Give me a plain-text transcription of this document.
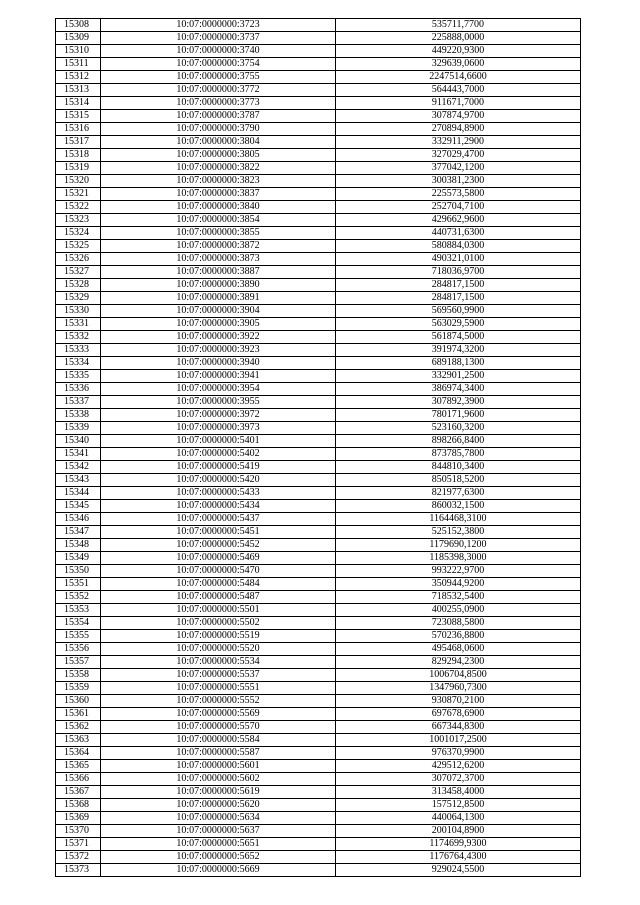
15308	10:07:0000000:3723	535711,7700
15309	10:07:0000000:3737	225888,0000
15310	10:07:0000000:3740	449220,9300
15311	10:07:0000000:3754	329639,0600
15312	10:07:0000000:3755	2247514,6600
15313	10:07:0000000:3772	564443,7000
15314	10:07:0000000:3773	911671,7000
15315	10:07:0000000:3787	307874,9700
15316	10:07:0000000:3790	270894,8900
15317	10:07:0000000:3804	332911,2900
15318	10:07:0000000:3805	327029,4700
15319	10:07:0000000:3822	377042,1200
15320	10:07:0000000:3823	300381,2300
15321	10:07:0000000:3837	225573,5800
15322	10:07:0000000:3840	252704,7100
15323	10:07:0000000:3854	429662,9600
15324	10:07:0000000:3855	440731,6300
15325	10:07:0000000:3872	580884,0300
15326	10:07:0000000:3873	490321,0100
15327	10:07:0000000:3887	718036,9700
15328	10:07:0000000:3890	284817,1500
15329	10:07:0000000:3891	284817,1500
15330	10:07:0000000:3904	569560,9900
15331	10:07:0000000:3905	563029,5900
15332	10:07:0000000:3922	561874,5000
15333	10:07:0000000:3923	391974,3200
15334	10:07:0000000:3940	689188,1300
15335	10:07:0000000:3941	332901,2500
15336	10:07:0000000:3954	386974,3400
15337	10:07:0000000:3955	307892,3900
15338	10:07:0000000:3972	780171,9600
15339	10:07:0000000:3973	523160,3200
15340	10:07:0000000:5401	898266,8400
15341	10:07:0000000:5402	873785,7800
15342	10:07:0000000:5419	844810,3400
15343	10:07:0000000:5420	850518,5200
15344	10:07:0000000:5433	821977,6300
15345	10:07:0000000:5434	860032,1500
15346	10:07:0000000:5437	1164468,3100
15347	10:07:0000000:5451	525152,3800
15348	10:07:0000000:5452	1179690,1200
15349	10:07:0000000:5469	1185398,3000
15350	10:07:0000000:5470	993222,9700
15351	10:07:0000000:5484	350944,9200
15352	10:07:0000000:5487	718532,5400
15353	10:07:0000000:5501	400255,0900
15354	10:07:0000000:5502	723088,5800
15355	10:07:0000000:5519	570236,8800
15356	10:07:0000000:5520	495468,0600
15357	10:07:0000000:5534	829294,2300
15358	10:07:0000000:5537	1006704,8500
15359	10:07:0000000:5551	1347960,7300
15360	10:07:0000000:5552	930870,2100
15361	10:07:0000000:5569	697678,6900
15362	10:07:0000000:5570	667344,8300
15363	10:07:0000000:5584	1001017,2500
15364	10:07:0000000:5587	976370,9900
15365	10:07:0000000:5601	429512,6200
15366	10:07:0000000:5602	307072,3700
15367	10:07:0000000:5619	313458,4000
15368	10:07:0000000:5620	157512,8500
15369	10:07:0000000:5634	440064,1300
15370	10:07:0000000:5637	200104,8900
15371	10:07:0000000:5651	1174699,9300
15372	10:07:0000000:5652	1176764,4300
15373	10:07:0000000:5669	929024,5500
